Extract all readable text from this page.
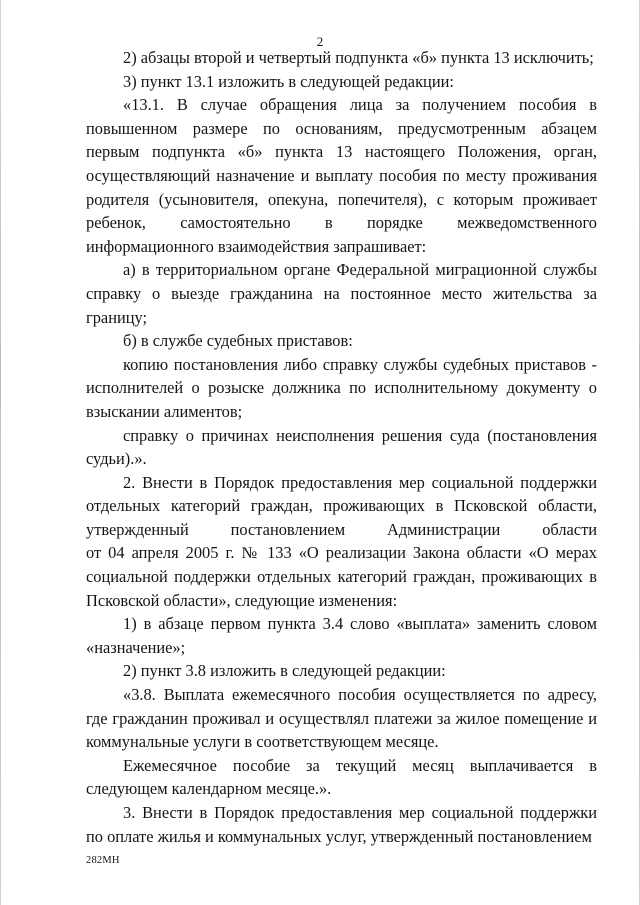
2

2) абзацы второй и четвертый подпункта «б» пункта 13 исключить;

3) пункт 13.1 изложить в следующей редакции:

«13.1. В случае обращения лица за получением пособия в повышенном размере по основаниям, предусмотренным абзацем первым подпункта «б» пункта 13 настоящего Положения, орган, осуществляющий назначение и выплату пособия по месту проживания родителя (усыновителя, опекуна, попечителя), с которым проживает ребенок, самостоятельно в порядке межведомственного информационного взаимодействия запрашивает:

а) в территориальном органе Федеральной миграционной службы справку о выезде гражданина на постоянное место жительства за границу;

б) в службе судебных приставов:

копию постановления либо справку службы судебных приставов - исполнителей о розыске должника по исполнительному документу о взыскании алиментов;

справку о причинах неисполнения решения суда (постановления судьи).».

2. Внести в Порядок предоставления мер социальной поддержки отдельных категорий граждан, проживающих в Псковской области, утвержденный постановлением Администрации области

от 04 апреля 2005 г. № 133 «О реализации Закона области «О мерах социальной поддержки отдельных категорий граждан, проживающих в Псковской области», следующие изменения:

1) в абзаце первом пункта 3.4 слово «выплата» заменить словом «назначение»;

2) пункт 3.8 изложить в следующей редакции:

«3.8. Выплата ежемесячного пособия осуществляется по адресу, где гражданин проживал и осуществлял платежи за жилое помещение и коммунальные услуги в соответствующем месяце.

Ежемесячное пособие за текущий месяц выплачивается в следующем календарном месяце.».

3. Внести в Порядок предоставления мер социальной поддержки по оплате жилья и коммунальных услуг, утвержденный постановлением

282МН
